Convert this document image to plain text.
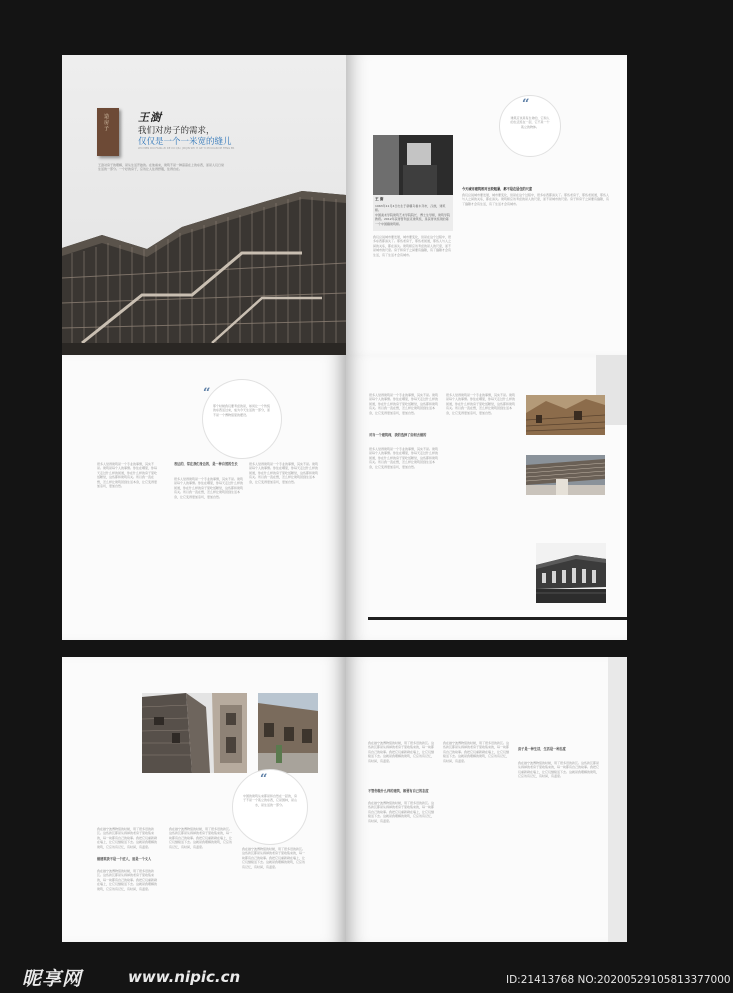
造房子
王澍
我们对房子的需求，
仅仅是一个一米宽的缝儿
WO MEN DUI FANG ZI DE XU QIU, JIN JIN SHI YI GE YI MI KUAN DE FENG ER
王澍对房子的理解，是从生活开始的。在他看来，建筑不是一种高高在上的东西，而是人们日常生活的一部分。一个好的房子，应该让人住得舒服，住得自在。
“
建筑应该是有生命的，它和人的生活连在一起，它不是一个孤立的物体。
王 澍
1963年11月4日出生于新疆乌鲁木齐市，汉族，建筑师。
中国美术学院建筑艺术学院院长、博士生导师，建筑学院教授。2012年获得普利兹克建筑奖，是获得该奖项的第一个中国籍建筑师。
今天城市建筑相对比较粗暴，都不是在居住的尺度
我们总说城市要发展，城市要变化，但是在这个过程中，很多东西都消失了。那些老房子，那些老街道，那些人与人之间的关系，都在消失。建筑师应该考虑的是人的尺度，而不是城市的尺度。房子和房子之间要有缝隙，有了缝隙才会有生活，有了生活才会有城市。
我们总说城市要发展，城市要变化，但是在这个过程中，很多东西都消失了。那些老房子，那些老街道，那些人与人之间的关系，都在消失。建筑师应该考虑的是人的尺度，而不是城市的尺度。房子和房子之间要有缝隙，有了缝隙才会有生活，有了生活才会有城市。
“
那个时候我们要考虑的是，如何让一个传统的东西活过来，成为今天生活的一部分，而不是一个博物馆里的摆设。
很多人觉得建筑是一个专业的事情，其实不是。建筑是每个人的事情。你住在哪里，你每天走过什么样的街道，你在什么样的房子里吃饭睡觉，这些都和建筑有关。所以我一直在想，怎么样让建筑回到生活本身，让它变得更加亲切，更加自然。
表达的，常在我们身边的，是一种自然的生长
很多人觉得建筑是一个专业的事情，其实不是。建筑是每个人的事情。你住在哪里，你每天走过什么样的街道，你在什么样的房子里吃饭睡觉，这些都和建筑有关。所以我一直在想，怎么样让建筑回到生活本身，让它变得更加亲切，更加自然。
很多人觉得建筑是一个专业的事情，其实不是。建筑是每个人的事情。你住在哪里，你每天走过什么样的街道，你在什么样的房子里吃饭睡觉，这些都和建筑有关。所以我一直在想，怎么样让建筑回到生活本身，让它变得更加亲切，更加自然。
很多人觉得建筑是一个专业的事情，其实不是。建筑是每个人的事情。你住在哪里，你每天走过什么样的街道，你在什么样的房子里吃饭睡觉，这些都和建筑有关。所以我一直在想，怎么样让建筑回到生活本身，让它变得更加亲切，更加自然。
对当一个建筑师，我的选择了如何去做的
很多人觉得建筑是一个专业的事情，其实不是。建筑是每个人的事情。你住在哪里，你每天走过什么样的街道，你在什么样的房子里吃饭睡觉，这些都和建筑有关。所以我一直在想，怎么样让建筑回到生活本身，让它变得更加亲切，更加自然。
很多人觉得建筑是一个专业的事情，其实不是。建筑是每个人的事情。你住在哪里，你每天走过什么样的街道，你在什么样的房子里吃饭睡觉，这些都和建筑有关。所以我一直在想，怎么样让建筑回到生活本身，让它变得更加亲切，更加自然。
“
中国的建筑从来都是和自然在一起的，房子不是一个孤立的东西，它是园林，是山水，是生活的一部分。
我在做宁波博物馆的时候，用了很多旧的砖瓦。这些砖瓦都是从拆掉的老房子里收集来的，每一块都有自己的故事。我把它们重新砌在墙上，让它们继续活下去。这就是我理解的建筑，它应该有记忆，有时间，有温度。
做建筑我不是一个匠人，而是一个文人
我在做宁波博物馆的时候，用了很多旧的砖瓦。这些砖瓦都是从拆掉的老房子里收集来的，每一块都有自己的故事。我把它们重新砌在墙上，让它们继续活下去。这就是我理解的建筑，它应该有记忆，有时间，有温度。
我在做宁波博物馆的时候，用了很多旧的砖瓦。这些砖瓦都是从拆掉的老房子里收集来的，每一块都有自己的故事。我把它们重新砌在墙上，让它们继续活下去。这就是我理解的建筑，它应该有记忆，有时间，有温度。
我在做宁波博物馆的时候，用了很多旧的砖瓦。这些砖瓦都是从拆掉的老房子里收集来的，每一块都有自己的故事。我把它们重新砌在墙上，让它们继续活下去。这就是我理解的建筑，它应该有记忆，有时间，有温度。
我在做宁波博物馆的时候，用了很多旧的砖瓦。这些砖瓦都是从拆掉的老房子里收集来的，每一块都有自己的故事。我把它们重新砌在墙上，让它们继续活下去。这就是我理解的建筑，它应该有记忆，有时间，有温度。
不管你做什么样的建筑，都要有自己的态度
我在做宁波博物馆的时候，用了很多旧的砖瓦。这些砖瓦都是从拆掉的老房子里收集来的，每一块都有自己的故事。我把它们重新砌在墙上，让它们继续活下去。这就是我理解的建筑，它应该有记忆，有时间，有温度。
我在做宁波博物馆的时候，用了很多旧的砖瓦。这些砖瓦都是从拆掉的老房子里收集来的，每一块都有自己的故事。我把它们重新砌在墙上，让它们继续活下去。这就是我理解的建筑，它应该有记忆，有时间，有温度。
房子是一种生活，生活是一种态度
我在做宁波博物馆的时候，用了很多旧的砖瓦。这些砖瓦都是从拆掉的老房子里收集来的，每一块都有自己的故事。我把它们重新砌在墙上，让它们继续活下去。这就是我理解的建筑，它应该有记忆，有时间，有温度。
昵享网	www.nipic.cn	ID:21413768 NO:20200529105813377000
